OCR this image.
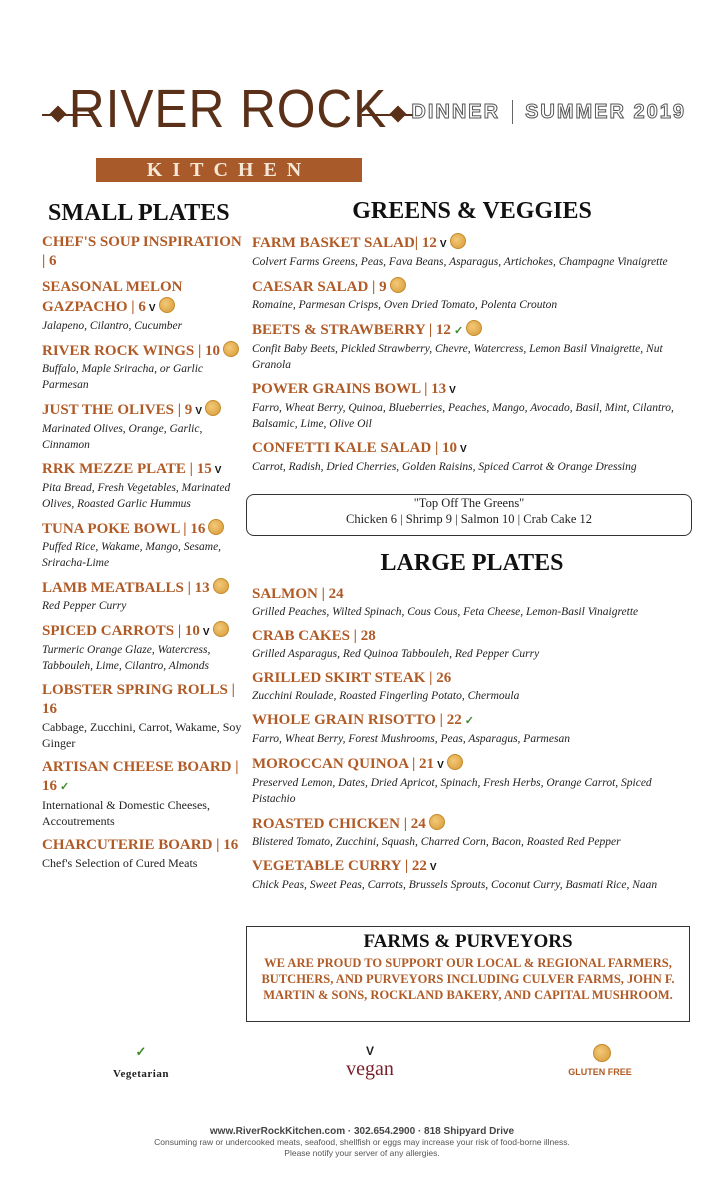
RIVER ROCK
KITCHEN
DINNER SUMMER 2019
SMALL PLATES
CHEF'S SOUP INSPIRATION | 6
SEASONAL MELON GAZPACHO | 6 V
Jalapeno, Cilantro, Cucumber
RIVER ROCK WINGS | 10
Buffalo, Maple Sriracha, or Garlic Parmesan
JUST THE OLIVES | 9 V
Marinated Olives, Orange, Garlic, Cinnamon
RRK MEZZE PLATE | 15 V
Pita Bread, Fresh Vegetables, Marinated Olives, Roasted Garlic Hummus
TUNA POKE BOWL | 16
Puffed Rice, Wakame, Mango, Sesame, Sriracha-Lime
LAMB MEATBALLS | 13
Red Pepper Curry
SPICED CARROTS | 10 V
Turmeric Orange Glaze, Watercress, Tabbouleh, Lime, Cilantro, Almonds
LOBSTER SPRING ROLLS | 16
Cabbage, Zucchini, Carrot, Wakame, Soy Ginger
ARTISAN CHEESE BOARD | 16 ✓
International & Domestic Cheeses, Accoutrements
CHARCUTERIE BOARD | 16
Chef's Selection of Cured Meats
GREENS & VEGGIES
FARM BASKET SALAD| 12 V
Colvert Farms Greens, Peas, Fava Beans, Asparagus, Artichokes, Champagne Vinaigrette
CAESAR SALAD | 9
Romaine, Parmesan Crisps, Oven Dried Tomato, Polenta Crouton
BEETS & STRAWBERRY | 12 ✓
Confit Baby Beets, Pickled Strawberry, Chevre, Watercress, Lemon Basil Vinaigrette, Nut Granola
POWER GRAINS BOWL | 13 V
Farro, Wheat Berry, Quinoa, Blueberries, Peaches, Mango, Avocado, Basil, Mint, Cilantro, Balsamic, Lime, Olive Oil
CONFETTI KALE SALAD | 10 V
Carrot, Radish, Dried Cherries, Golden Raisins, Spiced Carrot & Orange Dressing
"Top Off The Greens"
Chicken 6 | Shrimp 9 | Salmon 10 | Crab Cake 12
LARGE PLATES
SALMON | 24
Grilled Peaches, Wilted Spinach, Cous Cous, Feta Cheese, Lemon-Basil Vinaigrette
CRAB CAKES | 28
Grilled Asparagus, Red Quinoa Tabbouleh, Red Pepper Curry
GRILLED SKIRT STEAK | 26
Zucchini Roulade, Roasted Fingerling Potato, Chermoula
WHOLE GRAIN RISOTTO | 22 ✓
Farro, Wheat Berry, Forest Mushrooms, Peas, Asparagus, Parmesan
MOROCCAN QUINOA | 21 V
Preserved Lemon, Dates, Dried Apricot, Spinach, Fresh Herbs, Orange Carrot, Spiced Pistachio
ROASTED CHICKEN | 24
Blistered Tomato, Zucchini, Squash, Charred Corn, Bacon, Roasted Red Pepper
VEGETABLE CURRY | 22 V
Chick Peas, Sweet Peas, Carrots, Brussels Sprouts, Coconut Curry, Basmati Rice, Naan
FARMS & PURVEYORS
WE ARE PROUD TO SUPPORT OUR LOCAL & REGIONAL FARMERS, BUTCHERS, AND PURVEYORS INCLUDING CULVER FARMS, JOHN F. MARTIN & SONS, ROCKLAND BAKERY, AND CAPITAL MUSHROOM.
✓
Vegetarian
V
vegan	GLUTEN FREE
www.RiverRockKitchen.com · 302.654.2900 · 818 Shipyard Drive
Consuming raw or undercooked meats, seafood, shellfish or eggs may increase your risk of food-borne illness.
Please notify your server of any allergies.
